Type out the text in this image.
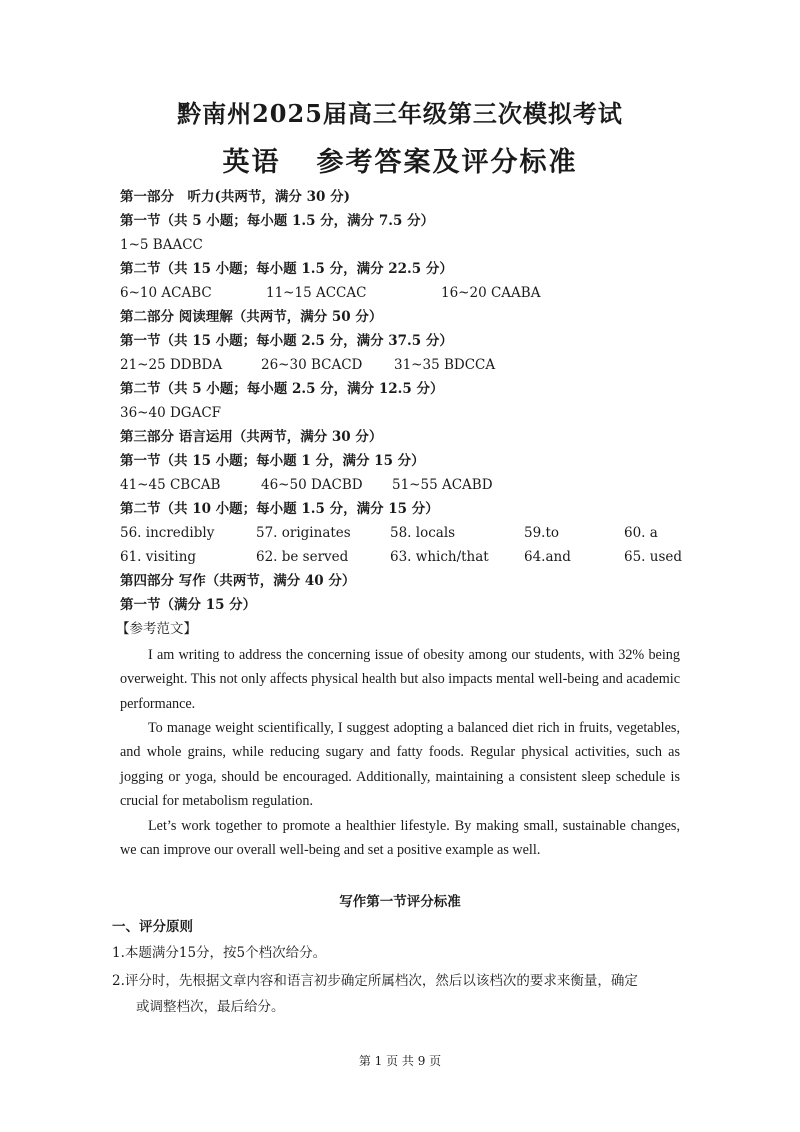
黔南州2025届高三年级第三次模拟考试
英语 参考答案及评分标准
第一部分　听力(共两节，满分 30 分)
第一节（共 5 小题；每小题 1.5 分，满分 7.5 分）
1~5 BAACC
第二节（共 15 小题；每小题 1.5 分，满分 22.5 分）
6~10 ACABC	11~15 ACCAC	16~20 CAABA
第二部分 阅读理解（共两节，满分 50 分）
第一节（共 15 小题；每小题 2.5 分，满分 37.5 分）
21~25 DDBDA	26~30 BCACD 31~35 BDCCA
第二节（共 5 小题；每小题 2.5 分，满分 12.5 分）
36~40 DGACF
第三部分 语言运用（共两节，满分 30 分）
第一节（共 15 小题；每小题 1 分，满分 15 分）
41~45 CBCAB	46~50 DACBD 51~55 ACABD
第二节（共 10 小题；每小题 1.5 分，满分 15 分）
56. incredibly	57. originates	58. locals	59.to	60. a
61. visiting	62. be served	63. which/that	64.and	65. used
第四部分 写作（共两节，满分 40 分）
第一节（满分 15 分）
【参考范文】
I am writing to address the concerning issue of obesity among our students, with 32% being overweight. This not only affects physical health but also impacts mental well-being and academic performance.
To manage weight scientifically, I suggest adopting a balanced diet rich in fruits, vegetables, and whole grains, while reducing sugary and fatty foods. Regular physical activities, such as jogging or yoga, should be encouraged. Additionally, maintaining a consistent sleep schedule is crucial for metabolism regulation.
Let’s work together to promote a healthier lifestyle. By making small, sustainable changes, we can improve our overall well-being and set a positive example as well.
写作第一节评分标准
一、评分原则
1.本题满分15分，按5个档次给分。
2.评分时，先根据文章内容和语言初步确定所属档次，然后以该档次的要求来衡量，确定
或调整档次，最后给分。
第 1 页 共 9 页
